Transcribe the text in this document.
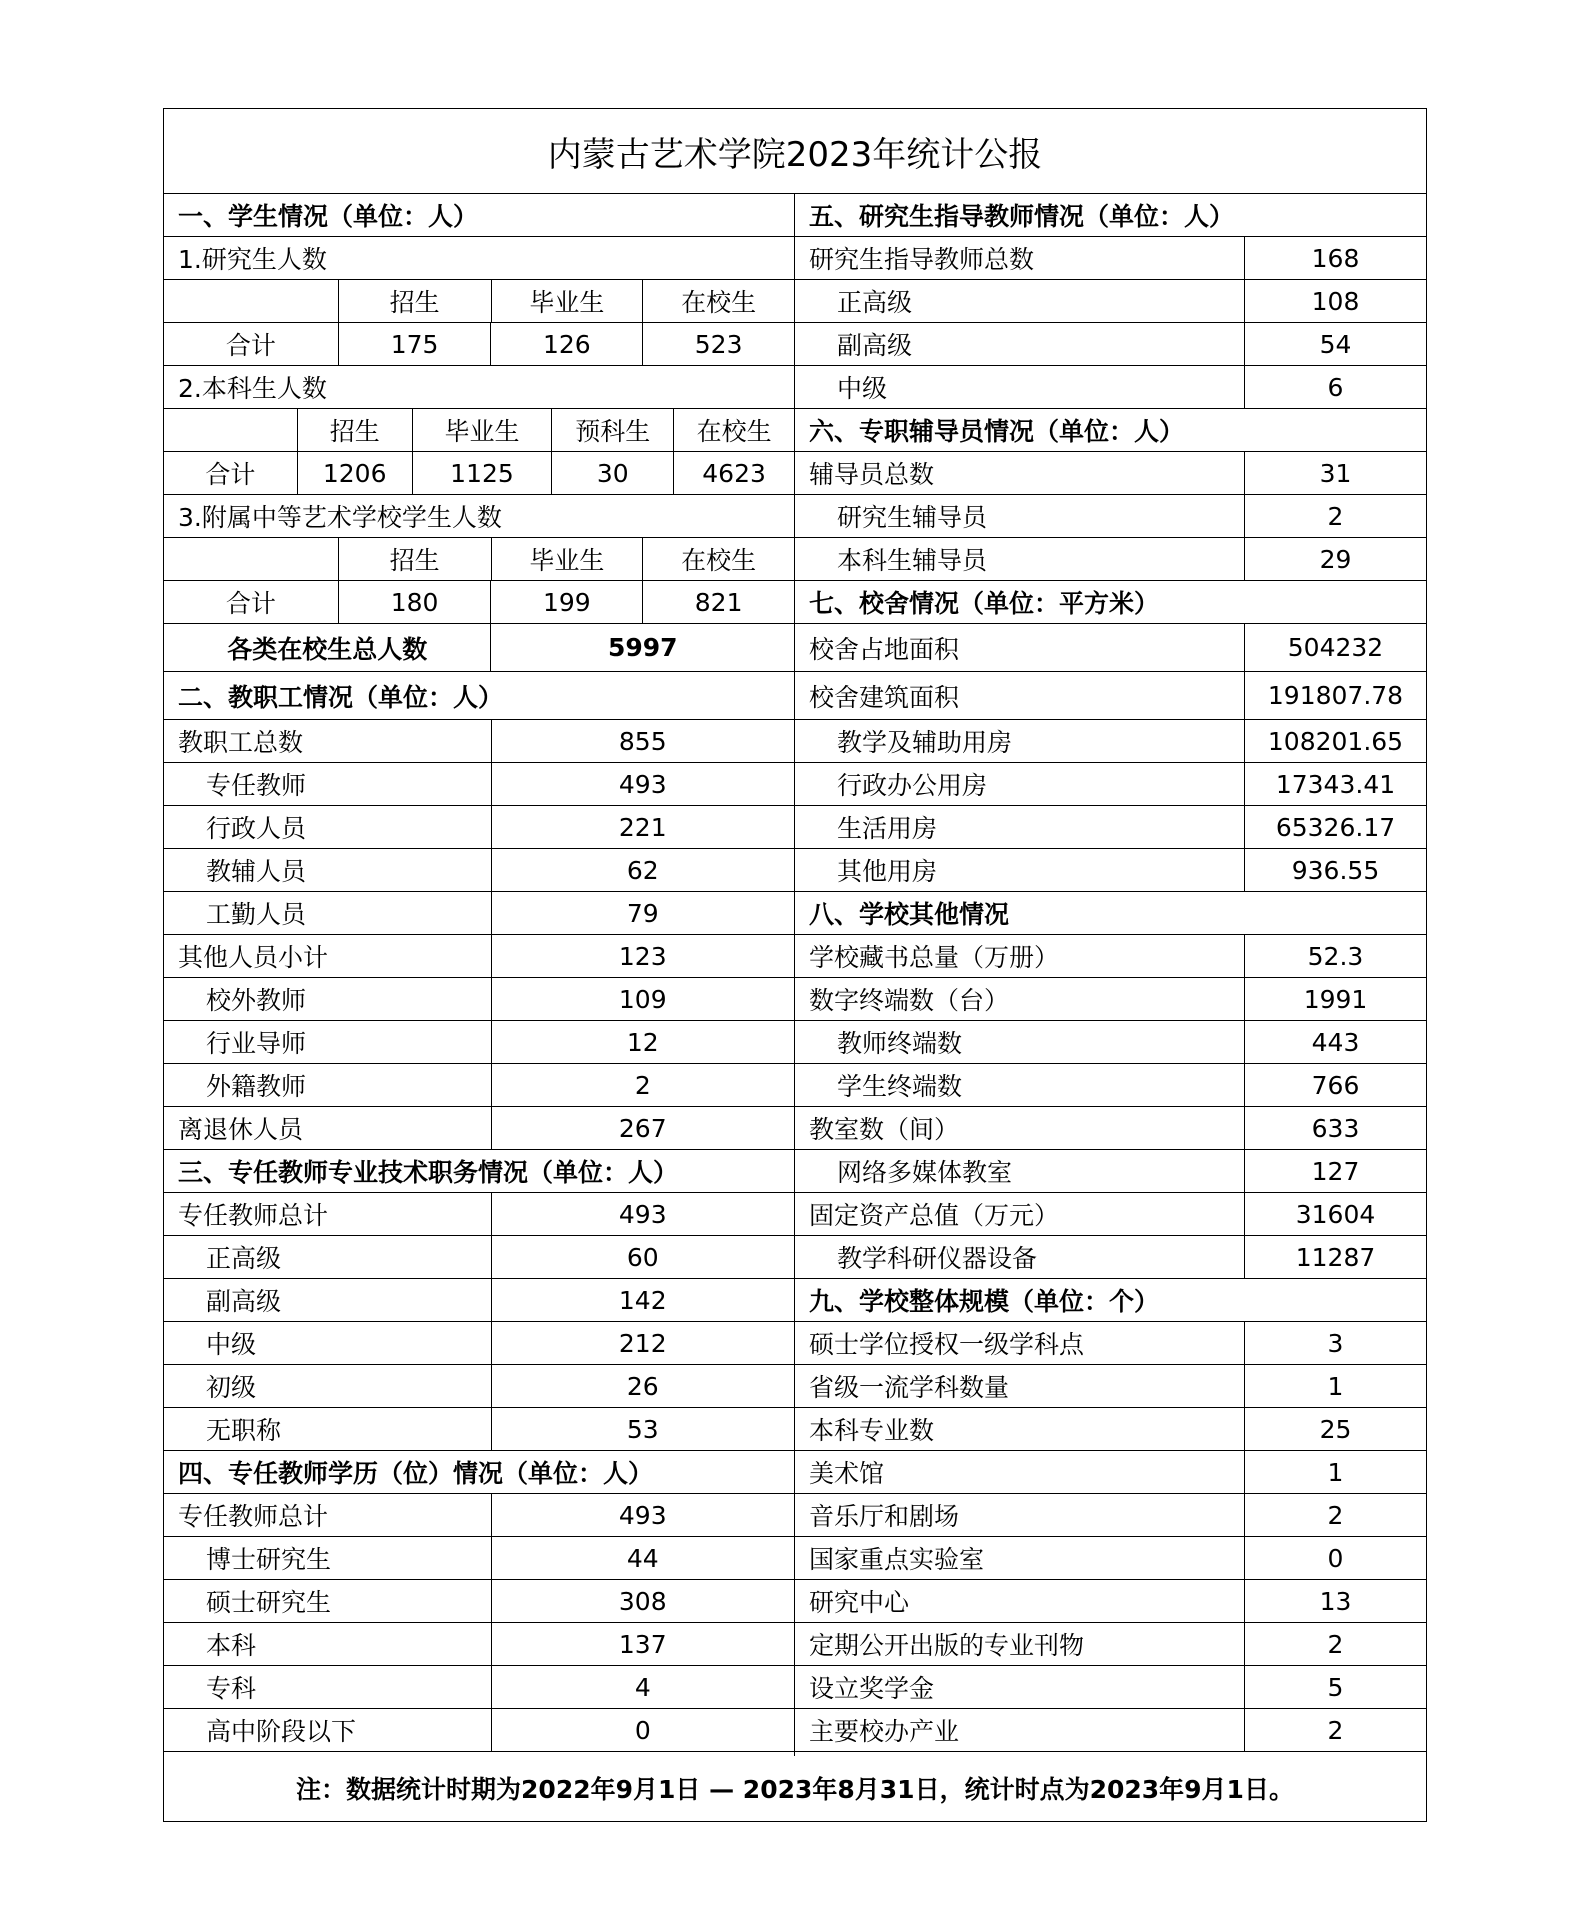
内蒙古艺术学院2023年统计公报
一、学生情况（单位：人）
1.研究生人数
招生	毕业生	在校生
合计	175	126	523
2.本科生人数
招生	毕业生	预科生	在校生
合计	1206	1125	30	4623
3.附属中等艺术学校学生人数
招生	毕业生	在校生
合计	180	199	821
各类在校生总人数	5997
二、教职工情况（单位：人）
教职工总数	855
专任教师	493
行政人员	221
教辅人员	62
工勤人员	79
其他人员小计	123
校外教师	109
行业导师	12
外籍教师	2
离退休人员	267
三、专任教师专业技术职务情况（单位：人）
专任教师总计	493
正高级	60
副高级	142
中级	212
初级	26
无职称	53
四、专任教师学历（位）情况（单位：人）
专任教师总计	493
博士研究生	44
硕士研究生	308
本科	137
专科	4
高中阶段以下	0
五、研究生指导教师情况（单位：人）
研究生指导教师总数	168
正高级	108
副高级	54
中级	6
六、专职辅导员情况（单位：人）
辅导员总数	31
研究生辅导员	2
本科生辅导员	29
七、校舍情况（单位：平方米）
校舍占地面积	504232
校舍建筑面积	191807.78
教学及辅助用房	108201.65
行政办公用房	17343.41
生活用房	65326.17
其他用房	936.55
八、学校其他情况
学校藏书总量（万册）	52.3
数字终端数（台）	1991
教师终端数	443
学生终端数	766
教室数（间）	633
网络多媒体教室	127
固定资产总值（万元）	31604
教学科研仪器设备	11287
九、学校整体规模（单位：个）
硕士学位授权一级学科点	3
省级一流学科数量	1
本科专业数	25
美术馆	1
音乐厅和剧场	2
国家重点实验室	0
研究中心	13
定期公开出版的专业刊物	2
设立奖学金	5
主要校办产业	2
注：数据统计时期为2022年9月1日 — 2023年8月31日，统计时点为2023年9月1日。
